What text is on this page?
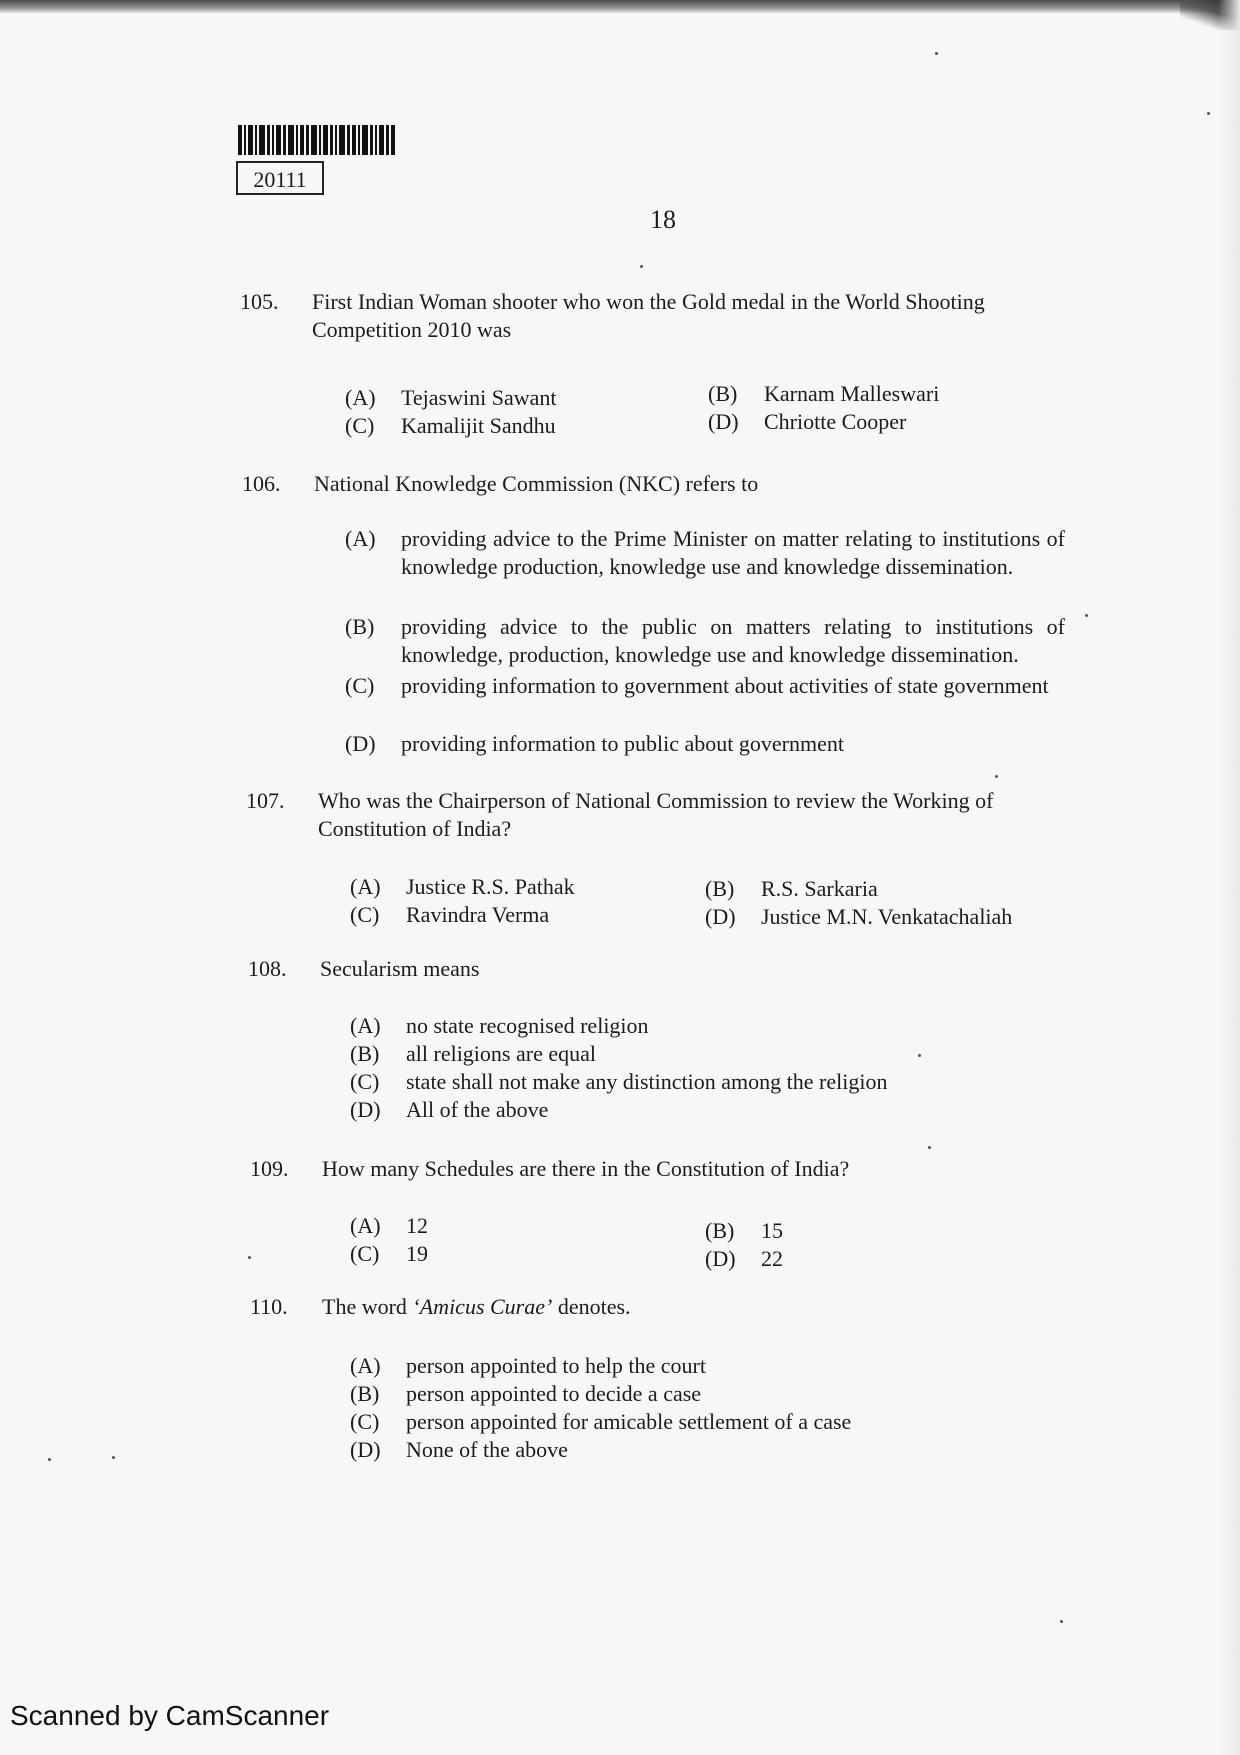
20111
18
105. First Indian Woman shooter who won the Gold medal in the World Shooting
Competition 2010 was
(A) Tejaswini Sawant	(B) Karnam Malleswari
(C) Kamalijit Sandhu	(D) Chriotte Cooper
106. National Knowledge Commission (NKC) refers to
(A) providing advice to the Prime Minister on matter relating to institutions of knowledge production, knowledge use and knowledge dissemination.
(B) providing advice to the public on matters relating to institutions of knowledge, production, knowledge use and knowledge dissemination.
(C) providing information to government about activities of state government
(D) providing information to public about government
107. Who was the Chairperson of National Commission to review the Working of
Constitution of India?
(A) Justice R.S. Pathak	(B) R.S. Sarkaria
(C) Ravindra Verma	(D) Justice M.N. Venkatachaliah
108. Secularism means
(A) no state recognised religion
(B) all religions are equal
(C) state shall not make any distinction among the religion
(D) All of the above
109. How many Schedules are there in the Constitution of India?
(A) 12	(B) 15
(C) 19	(D) 22
110. The word ‘Amicus Curae’ denotes.
(A) person appointed to help the court
(B) person appointed to decide a case
(C) person appointed for amicable settlement of a case
(D) None of the above
Scanned by CamScanner
